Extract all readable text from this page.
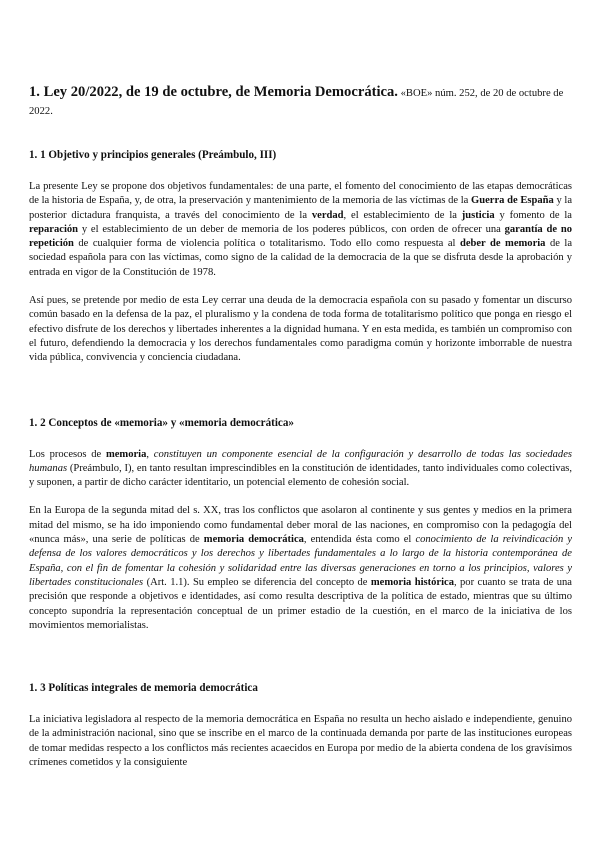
1. Ley 20/2022, de 19 de octubre, de Memoria Democrática. «BOE» núm. 252, de 20 de octubre de 2022.
1. 1 Objetivo y principios generales (Preámbulo, III)

La presente Ley se propone dos objetivos fundamentales: de una parte, el fomento del conocimiento de las etapas democráticas de la historia de España, y, de otra, la preservación y mantenimiento de la memoria de las víctimas de la Guerra de España y la posterior dictadura franquista, a través del conocimiento de la verdad, el establecimiento de la justicia y fomento de la reparación y el establecimiento de un deber de memoria de los poderes públicos, con orden de ofrecer una garantía de no repetición de cualquier forma de violencia política o totalitarismo. Todo ello como respuesta al deber de memoria de la sociedad española para con las víctimas, como signo de la calidad de la democracia de la que se disfruta desde la aprobación y entrada en vigor de la Constitución de 1978.

Así pues, se pretende por medio de esta Ley cerrar una deuda de la democracia española con su pasado y fomentar un discurso común basado en la defensa de la paz, el pluralismo y la condena de toda forma de totalitarismo político que ponga en riesgo el efectivo disfrute de los derechos y libertades inherentes a la dignidad humana. Y en esta medida, es también un compromiso con el futuro, defendiendo la democracia y los derechos fundamentales como paradigma común y horizonte imborrable de nuestra vida pública, convivencia y conciencia ciudadana.

1. 2 Conceptos de «memoria» y «memoria democrática»

Los procesos de memoria, constituyen un componente esencial de la configuración y desarrollo de todas las sociedades humanas (Preámbulo, I), en tanto resultan imprescindibles en la constitución de identidades, tanto individuales como colectivas, y suponen, a partir de dicho carácter identitario, un potencial elemento de cohesión social.

En la Europa de la segunda mitad del s. XX, tras los conflictos que asolaron al continente y sus gentes y medios en la primera mitad del mismo, se ha ido imponiendo como fundamental deber moral de las naciones, en compromiso con la pedagogía del «nunca más», una serie de políticas de memoria democrática, entendida ésta como el conocimiento de la reivindicación y defensa de los valores democráticos y los derechos y libertades fundamentales a lo largo de la historia contemporánea de España, con el fin de fomentar la cohesión y solidaridad entre las diversas generaciones en torno a los principios, valores y libertades constitucionales (Art. 1.1). Su empleo se diferencia del concepto de memoria histórica, por cuanto se trata de una precisión que responde a objetivos e identidades, así como resulta descriptiva de la política de estado, mientras que su último concepto supondría la representación conceptual de un primer estadio de la cuestión, en el marco de la iniciativa de los movimientos memorialistas.

1. 3 Políticas integrales de memoria democrática

La iniciativa legisladora al respecto de la memoria democrática en España no resulta un hecho aislado e independiente, genuino de la administración nacional, sino que se inscribe en el marco de la continuada demanda por parte de las instituciones europeas de tomar medidas respecto a los conflictos más recientes acaecidos en Europa por medio de la abierta condena de los gravísimos crímenes cometidos y la consiguiente
